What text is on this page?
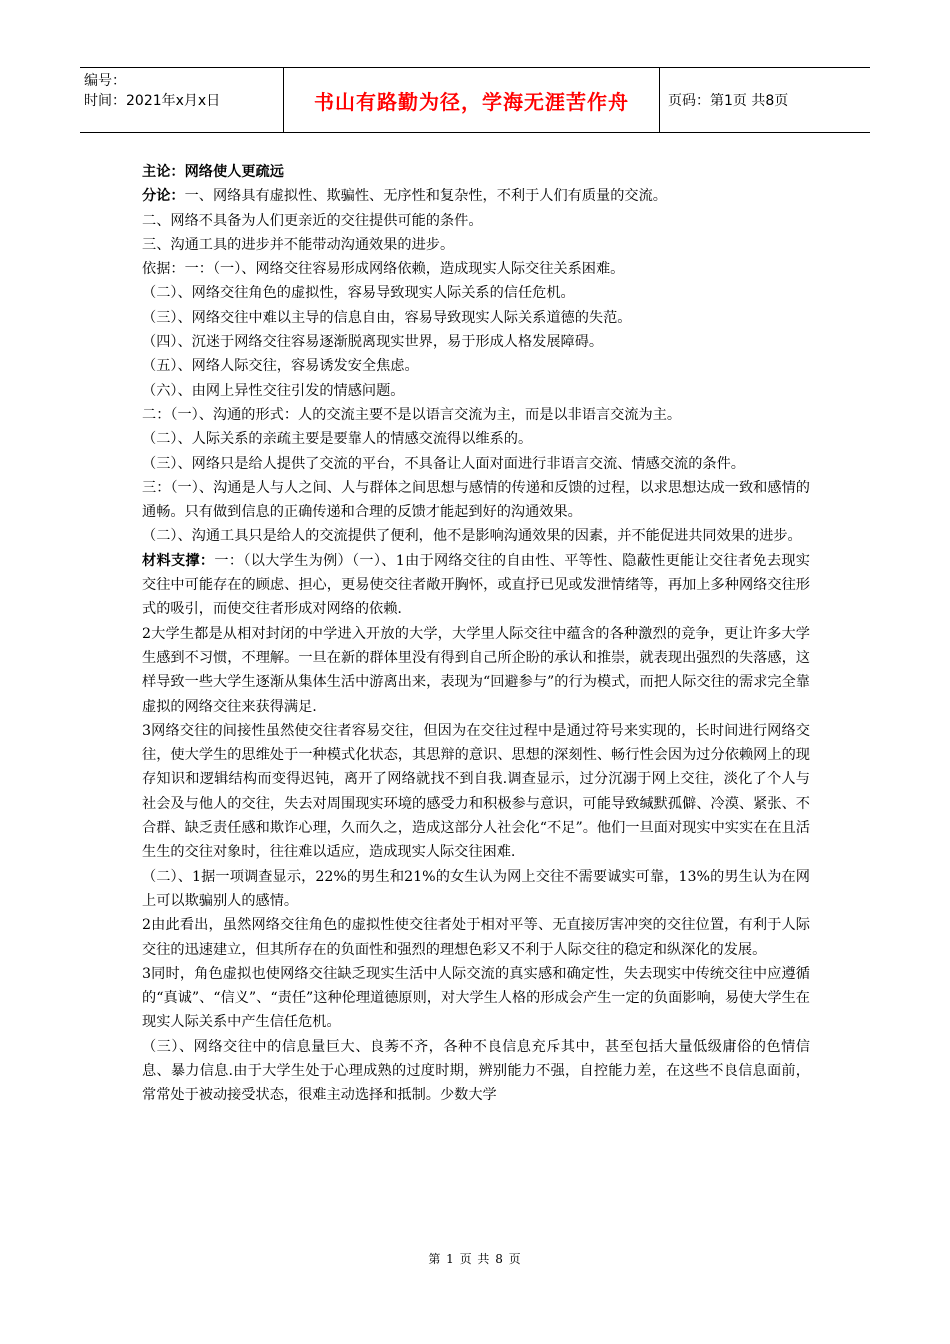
编号：
时间：2021年x月x日	书山有路勤为径，学海无涯苦作舟	页码：第1页 共8页

主论：网络使人更疏远

分论：一、网络具有虚拟性、欺骗性、无序性和复杂性，不利于人们有质量的交流。

二、网络不具备为人们更亲近的交往提供可能的条件。

三、沟通工具的进步并不能带动沟通效果的进步。

依据：一：（一）、网络交往容易形成网络依赖，造成现实人际交往关系困难。

（二）、网络交往角色的虚拟性，容易导致现实人际关系的信任危机。

（三）、网络交往中难以主导的信息自由，容易导致现实人际关系道德的失范。

（四）、沉迷于网络交往容易逐渐脱离现实世界，易于形成人格发展障碍。

（五）、网络人际交往，容易诱发安全焦虑。

（六）、由网上异性交往引发的情感问题。

二：（一）、沟通的形式：人的交流主要不是以语言交流为主，而是以非语言交流为主。

（二）、人际关系的亲疏主要是要靠人的情感交流得以维系的。

（三）、网络只是给人提供了交流的平台，不具备让人面对面进行非语言交流、情感交流的条件。

三：（一）、沟通是人与人之间、人与群体之间思想与感情的传递和反馈的过程，以求思想达成一致和感情的通畅。只有做到信息的正确传递和合理的反馈才能起到好的沟通效果。

（二）、沟通工具只是给人的交流提供了便利，他不是影响沟通效果的因素，并不能促进共同效果的进步。

材料支撑：一：（以大学生为例）（一）、1由于网络交往的自由性、平等性、隐蔽性更能让交往者免去现实交往中可能存在的顾虑、担心，更易使交往者敞开胸怀，或直抒已见或发泄情绪等，再加上多种网络交往形式的吸引，而使交往者形成对网络的依赖.

2大学生都是从相对封闭的中学进入开放的大学，大学里人际交往中蕴含的各种激烈的竞争，更让许多大学生感到不习惯，不理解。一旦在新的群体里没有得到自己所企盼的承认和推崇，就表现出强烈的失落感，这样导致一些大学生逐渐从集体生活中游离出来，表现为“回避参与”的行为模式，而把人际交往的需求完全靠虚拟的网络交往来获得满足.

3网络交往的间接性虽然使交往者容易交往，但因为在交往过程中是通过符号来实现的，长时间进行网络交往，使大学生的思维处于一种模式化状态，其思辩的意识、思想的深刻性、畅行性会因为过分依赖网上的现存知识和逻辑结构而变得迟钝，离开了网络就找不到自我.调查显示，过分沉溺于网上交往，淡化了个人与社会及与他人的交往，失去对周围现实环境的感受力和积极参与意识，可能导致缄默孤僻、冷漠、紧张、不合群、缺乏责任感和欺诈心理，久而久之，造成这部分人社会化“不足”。他们一旦面对现实中实实在在且活生生的交往对象时，往往难以适应，造成现实人际交往困难.

（二）、1据一项调查显示，22%的男生和21%的女生认为网上交往不需要诚实可靠，13%的男生认为在网上可以欺骗别人的感情。

2由此看出，虽然网络交往角色的虚拟性使交往者处于相对平等、无直接厉害冲突的交往位置，有利于人际交往的迅速建立，但其所存在的负面性和强烈的理想色彩又不利于人际交往的稳定和纵深化的发展。

3同时，角色虚拟也使网络交往缺乏现实生活中人际交流的真实感和确定性，失去现实中传统交往中应遵循的“真诚”、“信义”、“责任”这种伦理道德原则，对大学生人格的形成会产生一定的负面影响，易使大学生在现实人际关系中产生信任危机。

（三）、网络交往中的信息量巨大、良莠不齐，各种不良信息充斥其中，甚至包括大量低级庸俗的色情信息、暴力信息.由于大学生处于心理成熟的过度时期，辨别能力不强，自控能力差，在这些不良信息面前，常常处于被动接受状态，很难主动选择和抵制。少数大学

第 1 页 共 8 页
